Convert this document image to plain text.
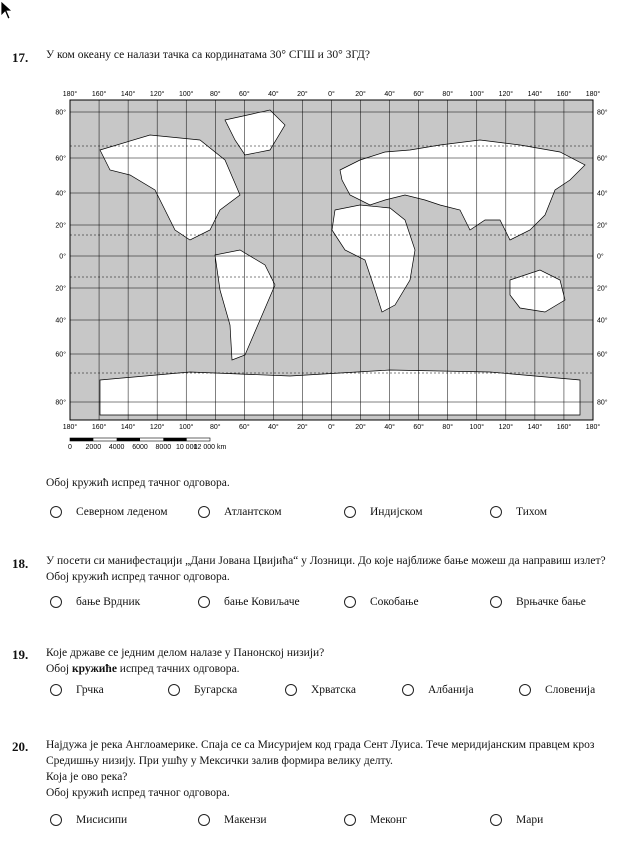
17. У ком океану се налази тачка са кординатама 30° СГШ и 30° ЗГД?
180° 160° 140° 120° 100° 80°	60°	40°	20°	0°	20°	40°	60°	80° 100° 120° 140° 160° 180°
180° 160° 140° 120° 100° 80°	60°	40°	20°	0°	20°	40°	60°	80° 100° 120° 140° 160° 180°
80°	80°
60°	60°
40°	40°
20°	20°
0°	0°
20°	20°
40°	40°
60°	60°
80°	80°
0 2000 4000 6000 8000 10 000
12 000 km
Обој кружић испред тачног одговора.
Северном леденом	Атлантском	Индијском	Тихом
18. У посети си манифестацији „Дани Јована Цвијића“ у Лозници. До које најближе бање можеш да направиш излет?
Обој кружић испред тачног одговора.
бање Врдник	бање Ковиљаче	Сокобање	Врњачке бање
19. Које државе се једним делом налазе у Панонској низији?
Обој кружиће испред тачних одговора.
Грчка	Бугарска	Хрватска	Албанија	Словенија
20. Најдужа је река Англоамерике. Спаја се са Мисуријем код града Сент Луиса. Тече меридијанским правцем кроз
Средишњу низију. При ушћу у Мексички залив формира велику делту.
Која је ово река?
Обој кружић испред тачног одговора.
Мисисипи	Макензи	Меконг	Мари
